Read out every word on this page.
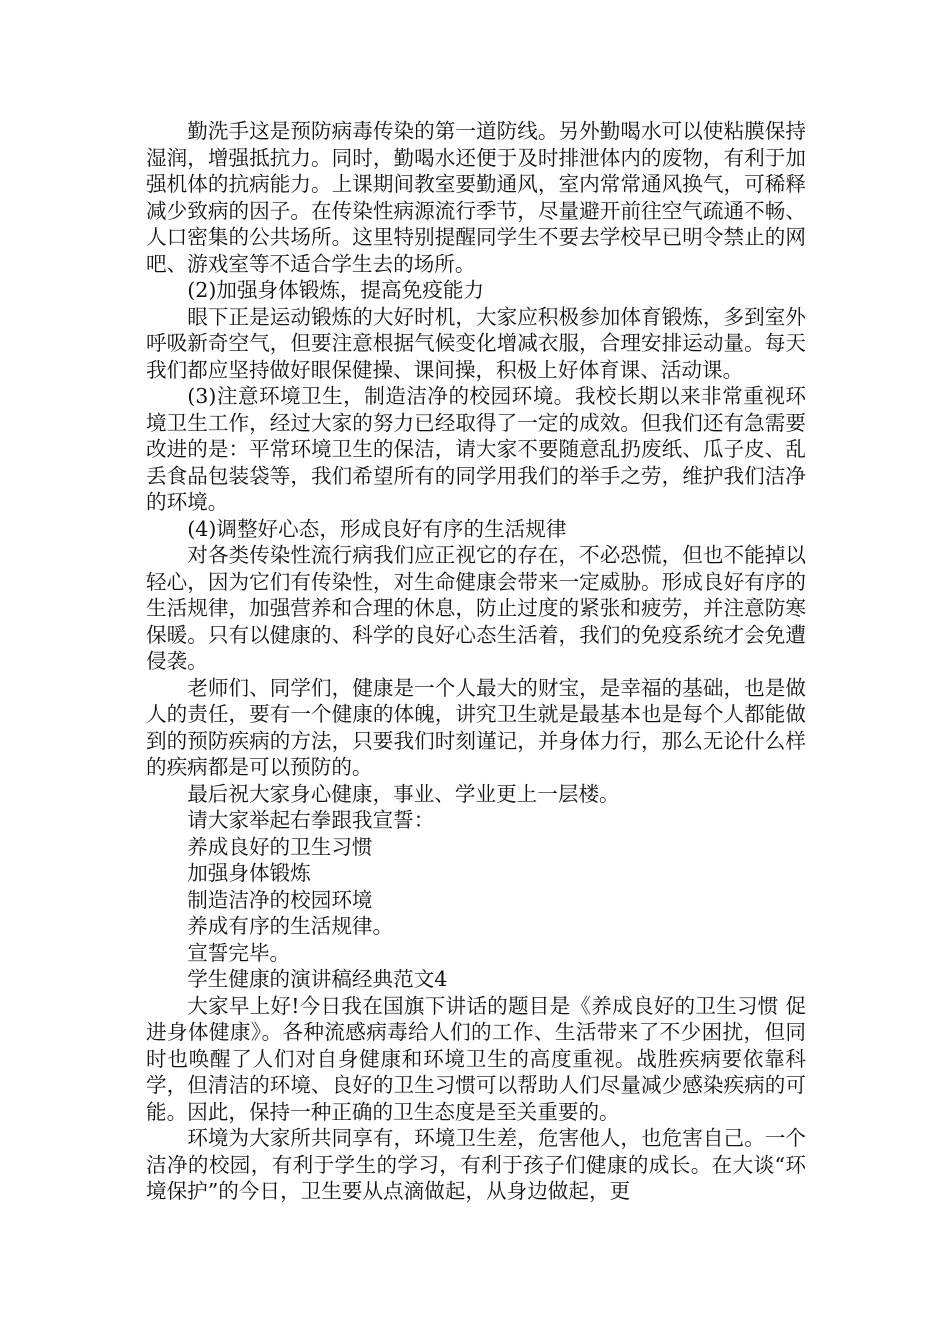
勤洗手这是预防病毒传染的第一道防线。另外勤喝水可以使粘膜保持湿润，增强抵抗力。同时，勤喝水还便于及时排泄体内的废物，有利于加强机体的抗病能力。上课期间教室要勤通风，室内常常通风换气，可稀释减少致病的因子。在传染性病源流行季节，尽量避开前往空气疏通不畅、人口密集的公共场所。这里特别提醒同学生不要去学校早已明令禁止的网吧、游戏室等不适合学生去的场所。

(2)加强身体锻炼，提高免疫能力

眼下正是运动锻炼的大好时机，大家应积极参加体育锻炼，多到室外呼吸新奇空气，但要注意根据气候变化增减衣服，合理安排运动量。每天我们都应坚持做好眼保健操、课间操，积极上好体育课、活动课。

(3)注意环境卫生，制造洁净的校园环境。我校长期以来非常重视环境卫生工作，经过大家的努力已经取得了一定的成效。但我们还有急需要改进的是：平常环境卫生的保洁，请大家不要随意乱扔废纸、瓜子皮、乱丢食品包装袋等，我们希望所有的同学用我们的举手之劳，维护我们洁净的环境。

(4)调整好心态，形成良好有序的生活规律

对各类传染性流行病我们应正视它的存在，不必恐慌，但也不能掉以轻心，因为它们有传染性，对生命健康会带来一定威胁。形成良好有序的生活规律，加强营养和合理的休息，防止过度的紧张和疲劳，并注意防寒保暖。只有以健康的、科学的良好心态生活着，我们的免疫系统才会免遭侵袭。

老师们、同学们，健康是一个人最大的财宝，是幸福的基础，也是做人的责任，要有一个健康的体魄，讲究卫生就是最基本也是每个人都能做到的预防疾病的方法，只要我们时刻谨记，并身体力行，那么无论什么样的疾病都是可以预防的。

最后祝大家身心健康，事业、学业更上一层楼。

请大家举起右拳跟我宣誓：

养成良好的卫生习惯

加强身体锻炼

制造洁净的校园环境

养成有序的生活规律。

宣誓完毕。

学生健康的演讲稿经典范文4

大家早上好!今日我在国旗下讲话的题目是《养成良好的卫生习惯 促进身体健康》。各种流感病毒给人们的工作、生活带来了不少困扰，但同时也唤醒了人们对自身健康和环境卫生的高度重视。战胜疾病要依靠科学，但清洁的环境、良好的卫生习惯可以帮助人们尽量减少感染疾病的可能。因此，保持一种正确的卫生态度是至关重要的。

环境为大家所共同享有，环境卫生差，危害他人，也危害自己。一个洁净的校园，有利于学生的学习，有利于孩子们健康的成长。在大谈“环境保护”的今日，卫生要从点滴做起，从身边做起，更
